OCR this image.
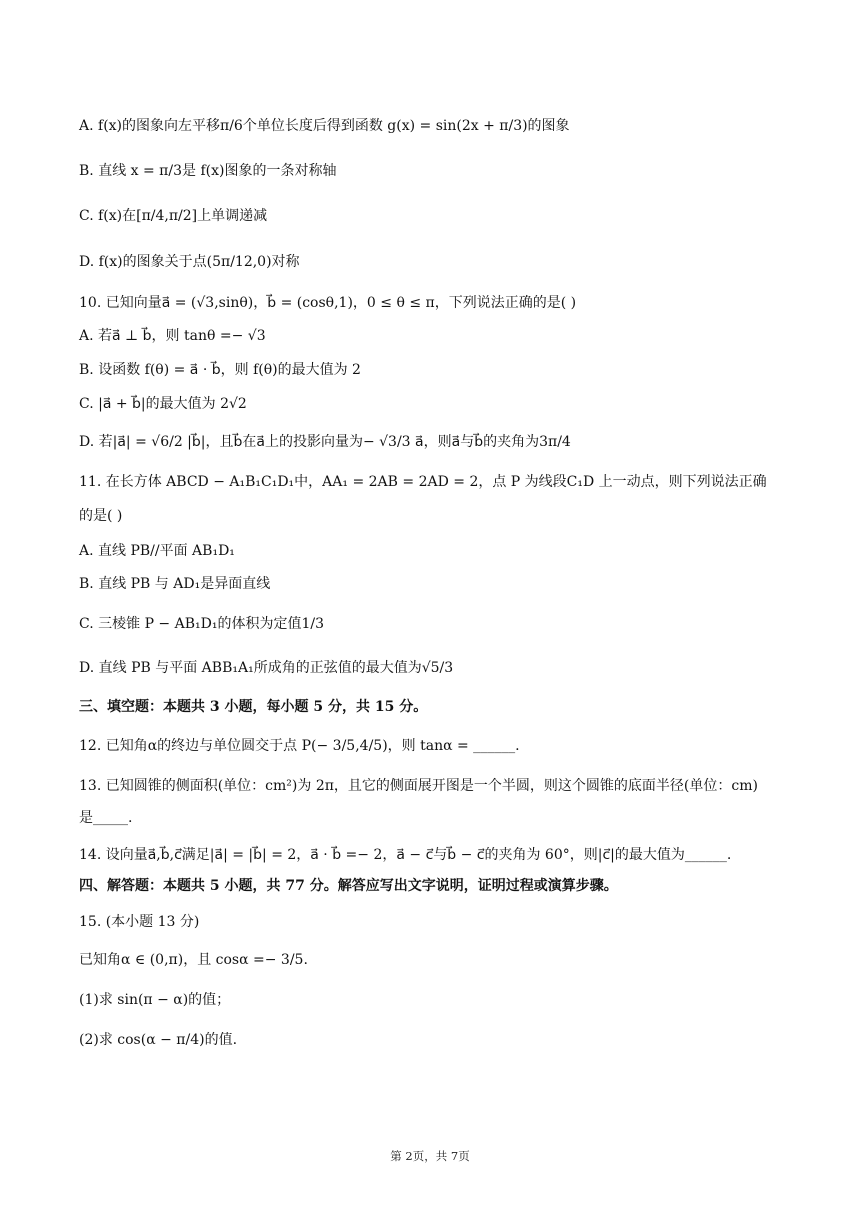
A. f(x)的图象向左平移π/6个单位长度后得到函数 g(x) = sin(2x + π/3)的图象
B. 直线 x = π/3是 f(x)图象的一条对称轴
C. f(x)在[π/4,π/2]上单调递减
D. f(x)的图象关于点(5π/12,0)对称
10. 已知向量a⃗ = (√3,sinθ)，b⃗ = (cosθ,1)，0 ≤ θ ≤ π，下列说法正确的是( )
A. 若a⃗ ⊥ b⃗，则 tanθ =− √3
B. 设函数 f(θ) = a⃗ · b⃗，则 f(θ)的最大值为 2
C. |a⃗ + b⃗|的最大值为 2√2
D. 若|a⃗| = √6/2 |b⃗|，且b⃗在a⃗上的投影向量为− √3/3 a⃗，则a⃗与b⃗的夹角为3π/4
11. 在长方体 ABCD − A₁B₁C₁D₁中，AA₁ = 2AB = 2AD = 2，点 P 为线段C₁D 上一动点，则下列说法正确
的是( )
A. 直线 PB//平面 AB₁D₁
B. 直线 PB 与 AD₁是异面直线
C. 三棱锥 P − AB₁D₁的体积为定值1/3
D. 直线 PB 与平面 ABB₁A₁所成角的正弦值的最大值为√5/3
三、填空题：本题共 3 小题，每小题 5 分，共 15 分。
12. 已知角α的终边与单位圆交于点 P(− 3/5,4/5)，则 tanα = ______.
13. 已知圆锥的侧面积(单位：cm²)为 2π，且它的侧面展开图是一个半圆，则这个圆锥的底面半径(单位：cm)
是_____.
14. 设向量a⃗,b⃗,c⃗满足|a⃗| = |b⃗| = 2，a⃗ · b⃗ =− 2，a⃗ − c⃗与b⃗ − c⃗的夹角为 60°，则|c⃗|的最大值为______.
四、解答题：本题共 5 小题，共 77 分。解答应写出文字说明，证明过程或演算步骤。
15. (本小题 13 分)
已知角α ∈ (0,π)，且 cosα =− 3/5.
(1)求 sin(π − α)的值；
(2)求 cos(α − π/4)的值.
第 2页，共 7页
